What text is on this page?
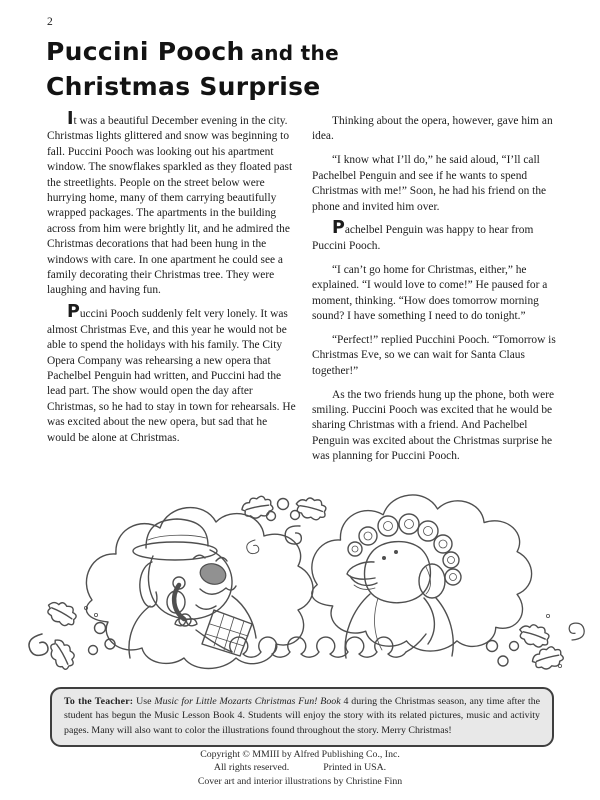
2
Puccini Pooch and the
Christmas Surprise

It was a beautiful December evening in the city. Christmas lights glittered and snow was beginning to fall. Puccini Pooch was looking out his apartment window. The snowflakes sparkled as they floated past the streetlights. People on the street below were hurrying home, many of them carrying beautifully wrapped packages. The apartments in the building across from him were brightly lit, and he admired the Christmas decorations that had been hung in the windows with care. In one apartment he could see a family decorating their Christmas tree. They were laughing and having fun.

Puccini Pooch suddenly felt very lonely. It was almost Christmas Eve, and this year he would not be able to spend the holidays with his family. The City Opera Company was rehearsing a new opera that Pachelbel Penguin had written, and Puccini had the lead part. The show would open the day after Christmas, so he had to stay in town for rehearsals. He was excited about the new opera, but sad that he would be alone at Christmas.

Thinking about the opera, however, gave him an idea.

“I know what I’ll do,” he said aloud, “I’ll call Pachelbel Penguin and see if he wants to spend Christmas with me!” Soon, he had his friend on the phone and invited him over.

Pachelbel Penguin was happy to hear from Puccini Pooch.

“I can’t go home for Christmas, either,” he explained. “I would love to come!” He paused for a moment, thinking. “How does tomorrow morning sound? I have something I need to do tonight.”

“Perfect!” replied Pucchini Pooch. “Tomorrow is Christmas Eve, so we can wait for Santa Claus together!”

As the two friends hung up the phone, both were smiling. Puccini Pooch was excited that he would be sharing Christmas with a friend. And Pachelbel Penguin was excited about the Christmas surprise he was planning for Puccini Pooch.

To the Teacher: Use Music for Little Mozarts Christmas Fun! Book 4 during the Christmas season, any time after the student has begun the Music Lesson Book 4. Students will enjoy the story with its related pictures, music and activity pages. Many will also want to color the illustrations found throughout the story. Merry Christmas!
Copyright © MMIII by Alfred Publishing Co., Inc.
All rights reserved.	Printed in USA.
Cover art and interior illustrations by Christine Finn
